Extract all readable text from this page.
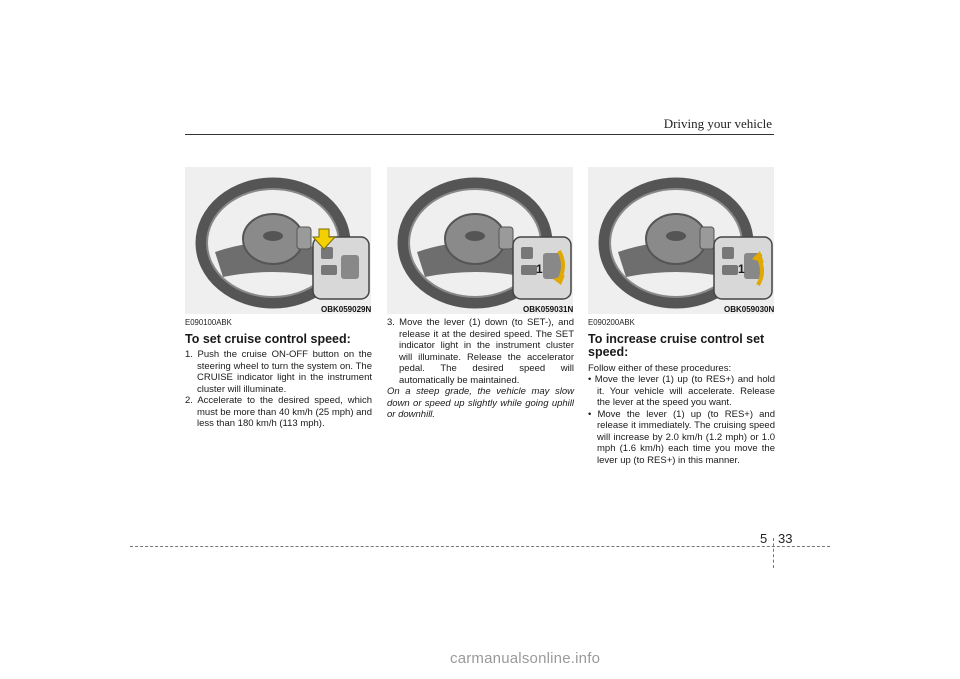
Driving your vehicle
OBK059029N
1
OBK059031N
1
OBK059030N
E090100ABK
To set cruise control speed:

1. Push the cruise ON-OFF button on the steering wheel to turn the system on. The CRUISE indicator light in the instrument cluster will illuminate.

2. Accelerate to the desired speed, which must be more than 40 km/h (25 mph) and less than 180 km/h (113 mph).

3. Move the lever (1) down (to SET-), and release it at the desired speed. The SET indicator light in the instrument cluster will illuminate. Release the accelerator pedal. The desired speed will automatically be maintained.

On a steep grade, the vehicle may slow down or speed up slightly while going uphill or downhill.

E090200ABK
To increase cruise control set speed:

Follow either of these procedures:

• Move the lever (1) up (to RES+) and hold it. Your vehicle will accelerate. Release the lever at the speed you want.

• Move the lever (1) up (to RES+) and release it immediately. The cruising speed will increase by 2.0 km/h (1.2 mph) or 1.0 mph (1.6 km/h) each time you move the lever up (to RES+) in this manner.

5 33
carmanualsonline.info
